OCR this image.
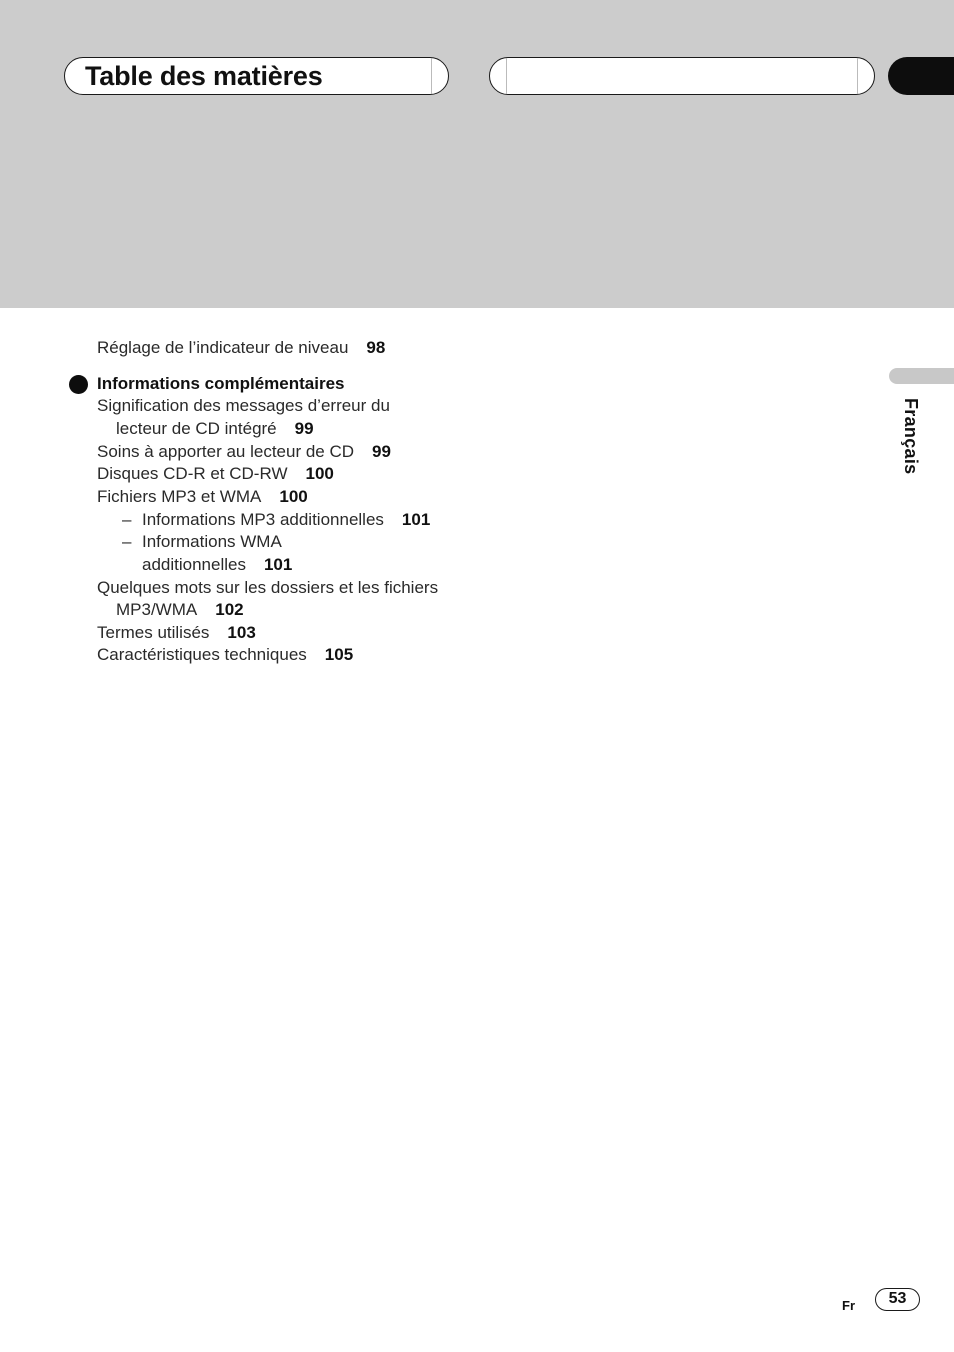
Table des matières
Réglage de l’indicateur de niveau 98
Informations complémentaires
Signification des messages d’erreur du
lecteur de CD intégré 99
Soins à apporter au lecteur de CD 99
Disques CD-R et CD-RW 100
Fichiers MP3 et WMA 100
– Informations MP3 additionnelles 101
– Informations WMA
additionnelles 101
Quelques mots sur les dossiers et les fichiers
MP3/WMA 102
Termes utilisés 103
Caractéristiques techniques 105
Français
Fr	53
